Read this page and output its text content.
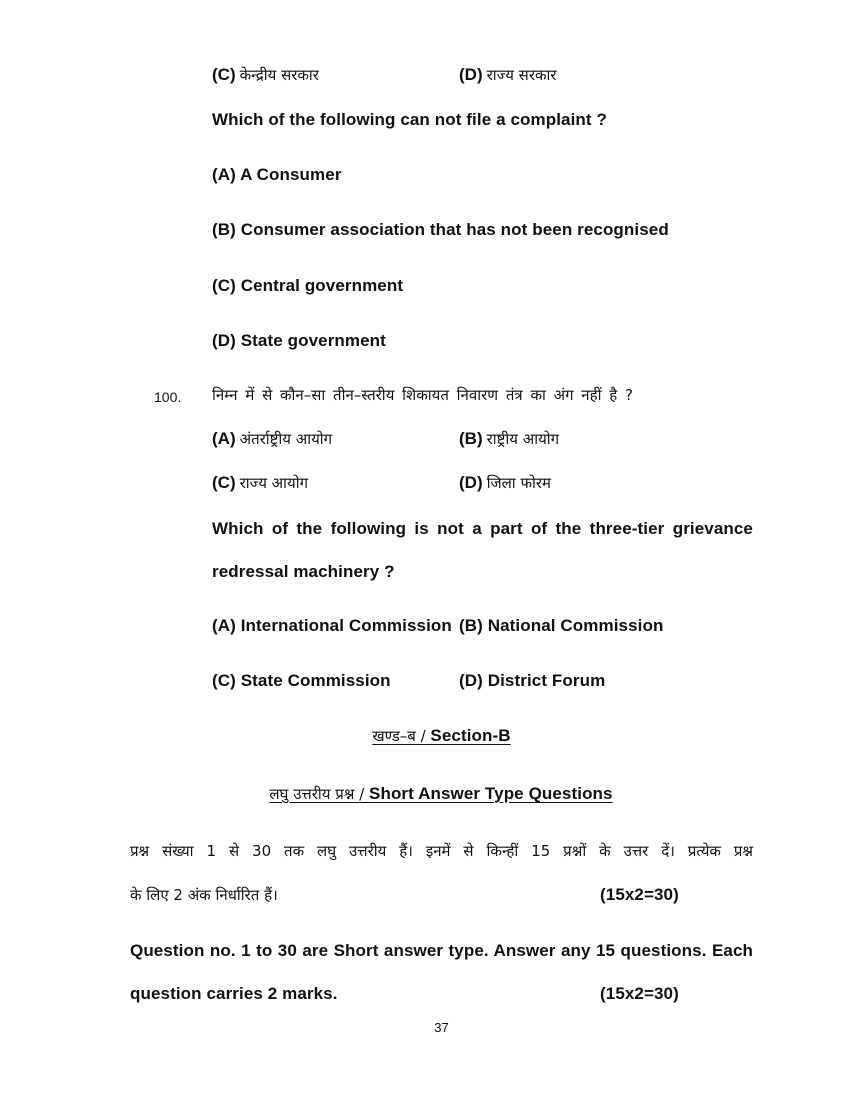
(C) केन्द्रीय सरकार	(D) राज्य सरकार
Which of the following can not file a complaint ?
(A) A Consumer
(B) Consumer association that has not been recognised
(C) Central government
(D) State government
100. निम्न में से कौन–सा तीन–स्तरीय शिकायत निवारण तंत्र का अंग नहीं है ?
(A) अंतर्राष्ट्रीय आयोग	(B) राष्ट्रीय आयोग
(C) राज्य आयोग	(D) जिला फोरम
Which of the following is not a part of the three-tier grievance
redressal machinery ?
(A) International Commission (B) National Commission
(C) State Commission	(D) District Forum
खण्ड–ब / Section-B
लघु उत्तरीय प्रश्न / Short Answer Type Questions
प्रश्न संख्या 1 से 30 तक लघु उत्तरीय हैं। इनमें से किन्हीं 15 प्रश्नों के उत्तर दें। प्रत्येक प्रश्न
के लिए 2 अंक निर्धारित हैं।	(15x2=30)
Question no. 1 to 30 are Short answer type. Answer any 15 questions. Each
question carries 2 marks.	(15x2=30)
37
